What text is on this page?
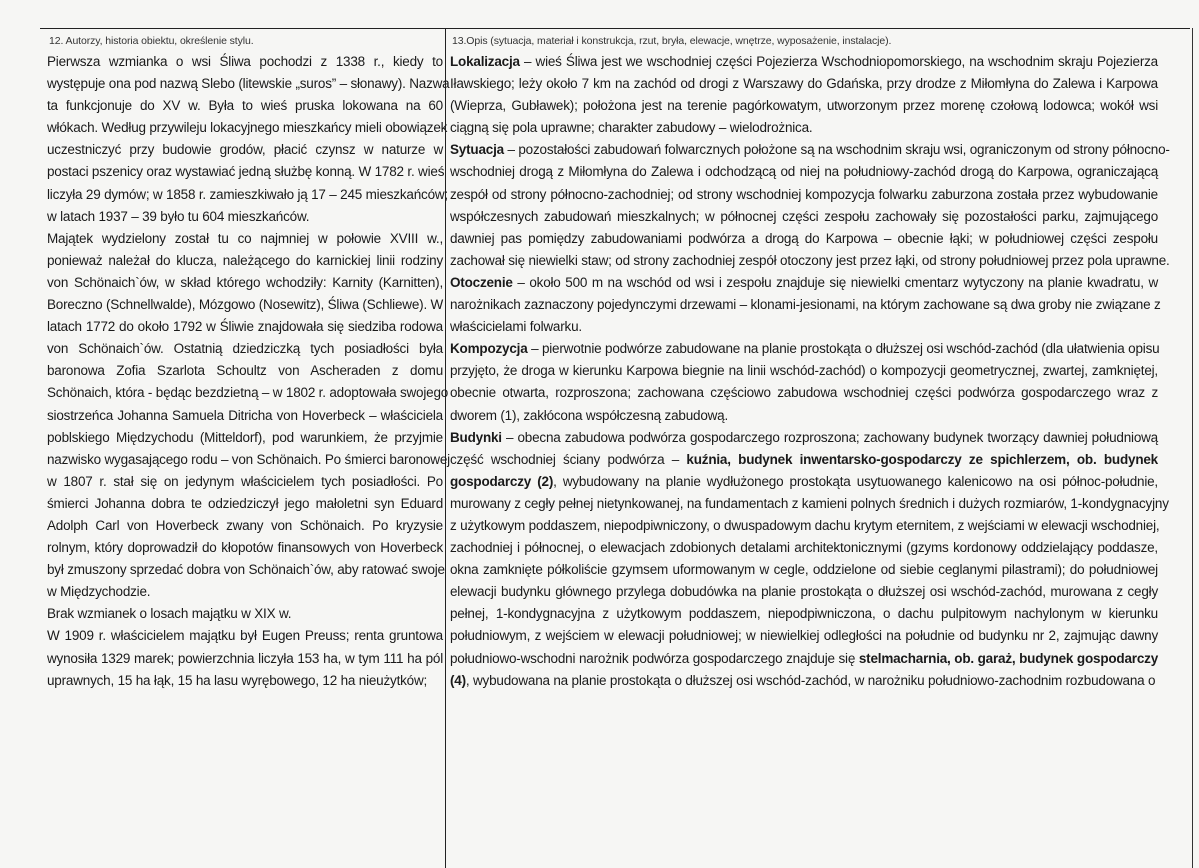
12. Autorzy, historia obiektu, określenie stylu.
Pierwsza wzmianka o wsi Śliwa pochodzi z 1338 r., kiedy to
występuje ona pod nazwą Slebo (litewskie „suros” – słonawy). Nazwa
ta funkcjonuje do XV w. Była to wieś pruska lokowana na 60
włókach. Według przywileju lokacyjnego mieszkańcy mieli obowiązek
uczestniczyć przy budowie grodów, płacić czynsz w naturze w
postaci pszenicy oraz wystawiać jedną służbę konną. W 1782 r. wieś
liczyła 29 dymów; w 1858 r. zamieszkiwało ją 17 – 245 mieszkańców;
w latach 1937 – 39 było tu 604 mieszkańców.
Majątek wydzielony został tu co najmniej w połowie XVIII w.,
ponieważ należał do klucza, należącego do karnickiej linii rodziny
von Schönaich`ów, w skład którego wchodziły: Karnity (Karnitten),
Boreczno (Schnellwalde), Mózgowo (Nosewitz), Śliwa (Schliewe). W
latach 1772 do około 1792 w Śliwie znajdowała się siedziba rodowa
von Schönaich`ów. Ostatnią dziedziczką tych posiadłości była
baronowa Zofia Szarlota Schoultz von Ascheraden z domu
Schönaich, która - będąc bezdzietną – w 1802 r. adoptowała swojego
siostrzeńca Johanna Samuela Ditricha von Hoverbeck – właściciela
poblskiego Międzychodu (Mitteldorf), pod warunkiem, że przyjmie
nazwisko wygasającego rodu – von Schönaich. Po śmierci baronowej
w 1807 r. stał się on jedynym właścicielem tych posiadłości. Po
śmierci Johanna dobra te odziedziczył jego małoletni syn Eduard
Adolph Carl von Hoverbeck zwany von Schönaich. Po kryzysie
rolnym, który doprowadził do kłopotów finansowych von Hoverbeck
był zmuszony sprzedać dobra von Schönaich`ów, aby ratować swoje
w Międzychodzie.
Brak wzmianek o losach majątku w XIX w.
W 1909 r. właścicielem majątku był Eugen Preuss; renta gruntowa
wynosiła 1329 marek; powierzchnia liczyła 153 ha, w tym 111 ha pól
uprawnych, 15 ha łąk, 15 ha lasu wyrębowego, 12 ha nieużytków;
13.Opis (sytuacja, materiał i konstrukcja, rzut, bryła, elewacje, wnętrze, wyposażenie, instalacje).
Lokalizacja – wieś Śliwa jest we wschodniej części Pojezierza Wschodniopomorskiego, na wschodnim skraju Pojezierza
Iławskiego; leży około 7 km na zachód od drogi z Warszawy do Gdańska, przy drodze z Miłomłyna do Zalewa i Karpowa
(Wieprza, Gubławek); położona jest na terenie pagórkowatym, utworzonym przez morenę czołową lodowca; wokół wsi
ciągną się pola uprawne; charakter zabudowy – wielodrożnica.
Sytuacja – pozostałości zabudowań folwarcznych położone są na wschodnim skraju wsi, ograniczonym od strony północno-
wschodniej drogą z Miłomłyna do Zalewa i odchodzącą od niej na południowy-zachód drogą do Karpowa, ograniczającą
zespół od strony północno-zachodniej; od strony wschodniej kompozycja folwarku zaburzona została przez wybudowanie
współczesnych zabudowań mieszkalnych; w północnej części zespołu zachowały się pozostałości parku, zajmującego
dawniej pas pomiędzy zabudowaniami podwórza a drogą do Karpowa – obecnie łąki; w południowej części zespołu
zachował się niewielki staw; od strony zachodniej zespół otoczony jest przez łąki, od strony południowej przez pola uprawne.
Otoczenie – około 500 m na wschód od wsi i zespołu znajduje się niewielki cmentarz wytyczony na planie kwadratu, w
narożnikach zaznaczony pojedynczymi drzewami – klonami-jesionami, na którym zachowane są dwa groby nie związane z
właścicielami folwarku.
Kompozycja – pierwotnie podwórze zabudowane na planie prostokąta o dłuższej osi wschód-zachód (dla ułatwienia opisu
przyjęto, że droga w kierunku Karpowa biegnie na linii wschód-zachód) o kompozycji geometrycznej, zwartej, zamkniętej,
obecnie otwarta, rozproszona; zachowana częściowo zabudowa wschodniej części podwórza gospodarczego wraz z
dworem (1), zakłócona współczesną zabudową.
Budynki – obecna zabudowa podwórza gospodarczego rozproszona; zachowany budynek tworzący dawniej południową
część wschodniej ściany podwórza – kuźnia, budynek inwentarsko-gospodarczy ze spichlerzem, ob. budynek
gospodarczy (2), wybudowany na planie wydłużonego prostokąta usytuowanego kalenicowo na osi północ-południe,
murowany z cegły pełnej nietynkowanej, na fundamentach z kamieni polnych średnich i dużych rozmiarów, 1-kondygnacyjny
z użytkowym poddaszem, niepodpiwniczony, o dwuspadowym dachu krytym eternitem, z wejściami w elewacji wschodniej,
zachodniej i północnej, o elewacjach zdobionych detalami architektonicznymi (gzyms kordonowy oddzielający poddasze,
okna zamknięte półkoliście gzymsem uformowanym w cegle, oddzielone od siebie ceglanymi pilastrami); do południowej
elewacji budynku głównego przylega dobudówka na planie prostokąta o dłuższej osi wschód-zachód, murowana z cegły
pełnej, 1-kondygnacyjna z użytkowym poddaszem, niepodpiwniczona, o dachu pulpitowym nachylonym w kierunku
południowym, z wejściem w elewacji południowej; w niewielkiej odległości na południe od budynku nr 2, zajmując dawny
południowo-wschodni narożnik podwórza gospodarczego znajduje się stelmacharnia, ob. garaż, budynek gospodarczy
(4), wybudowana na planie prostokąta o dłuższej osi wschód-zachód, w narożniku południowo-zachodnim rozbudowana o
